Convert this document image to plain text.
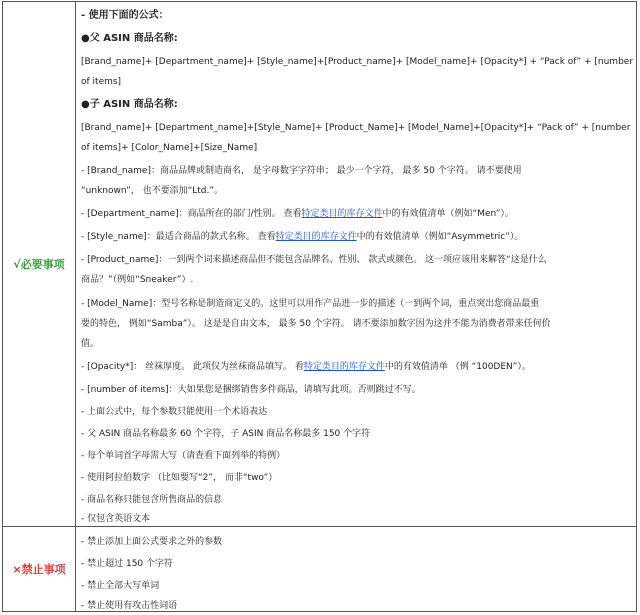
√必要事项
×禁止事项
- 使用下面的公式：
●父 ASIN 商品名称:
[Brand_name]+ [Department_name]+ [Style_name]+[Product_name]+ [Model_name]+ [Opacity*] + “Pack of” + [number
of items]
●子 ASIN 商品名称:
[Brand_name]+ [Department_name]+[Style_Name]+ [Product_Name]+ [Model_Name]+[Opacity*]+ “Pack of” + [number
of items]+ [Color_Name]+[Size_Name]
- [Brand_name]：商品品牌或制造商名， 是字母数字字符串； 最少一个字符， 最多 50 个字符。 请不要使用
“unknown”， 也不要添加“Ltd.”。
- [Department_name]：商品所在的部门/性别。 查看特定类目的库存文件中的有效值清单（例如“Men”）。
- [Style_name]：最适合商品的款式名称。 查看特定类目的库存文件中的有效值清单（例如“Asymmetric”）。
- [Product_name]：一到两个词来描述商品但不能包含品牌名、性别、 款式或颜色。 这一项应该用来解答“这是什么
商品？”（例如“Sneaker”）.
- [Model_Name]：型号名称是制造商定义的。这里可以用作产品进一步的描述（一到两个词，重点突出您商品最重
要的特色， 例如“Samba”）。 这是是自由文本， 最多 50 个字符。 请不要添加数字因为这并不能为消费者带来任何价
值。
- [Opacity*]： 丝袜厚度。 此项仅为丝袜商品填写。 看特定类目的库存文件中的有效值清单 （例 “100DEN”）。
- [number of items]：大如果您是捆绑销售多件商品，请填写此项。否则跳过不写。
- 上面公式中，每个参数只能使用一个术语表达
- 父 ASIN 商品名称最多 60 个字符，子 ASIN 商品名称最多 150 个字符
- 每个单词首字母需大写（请查看下面列举的特例）
- 使用阿拉伯数字 （比如要写“2”， 而非“two”）
- 商品名称只能包含所售商品的信息
- 仅包含英语文本
- 禁止添加上面公式要求之外的参数
- 禁止超过 150 个字符
- 禁止全部大写单词
- 禁止使用有攻击性词语
